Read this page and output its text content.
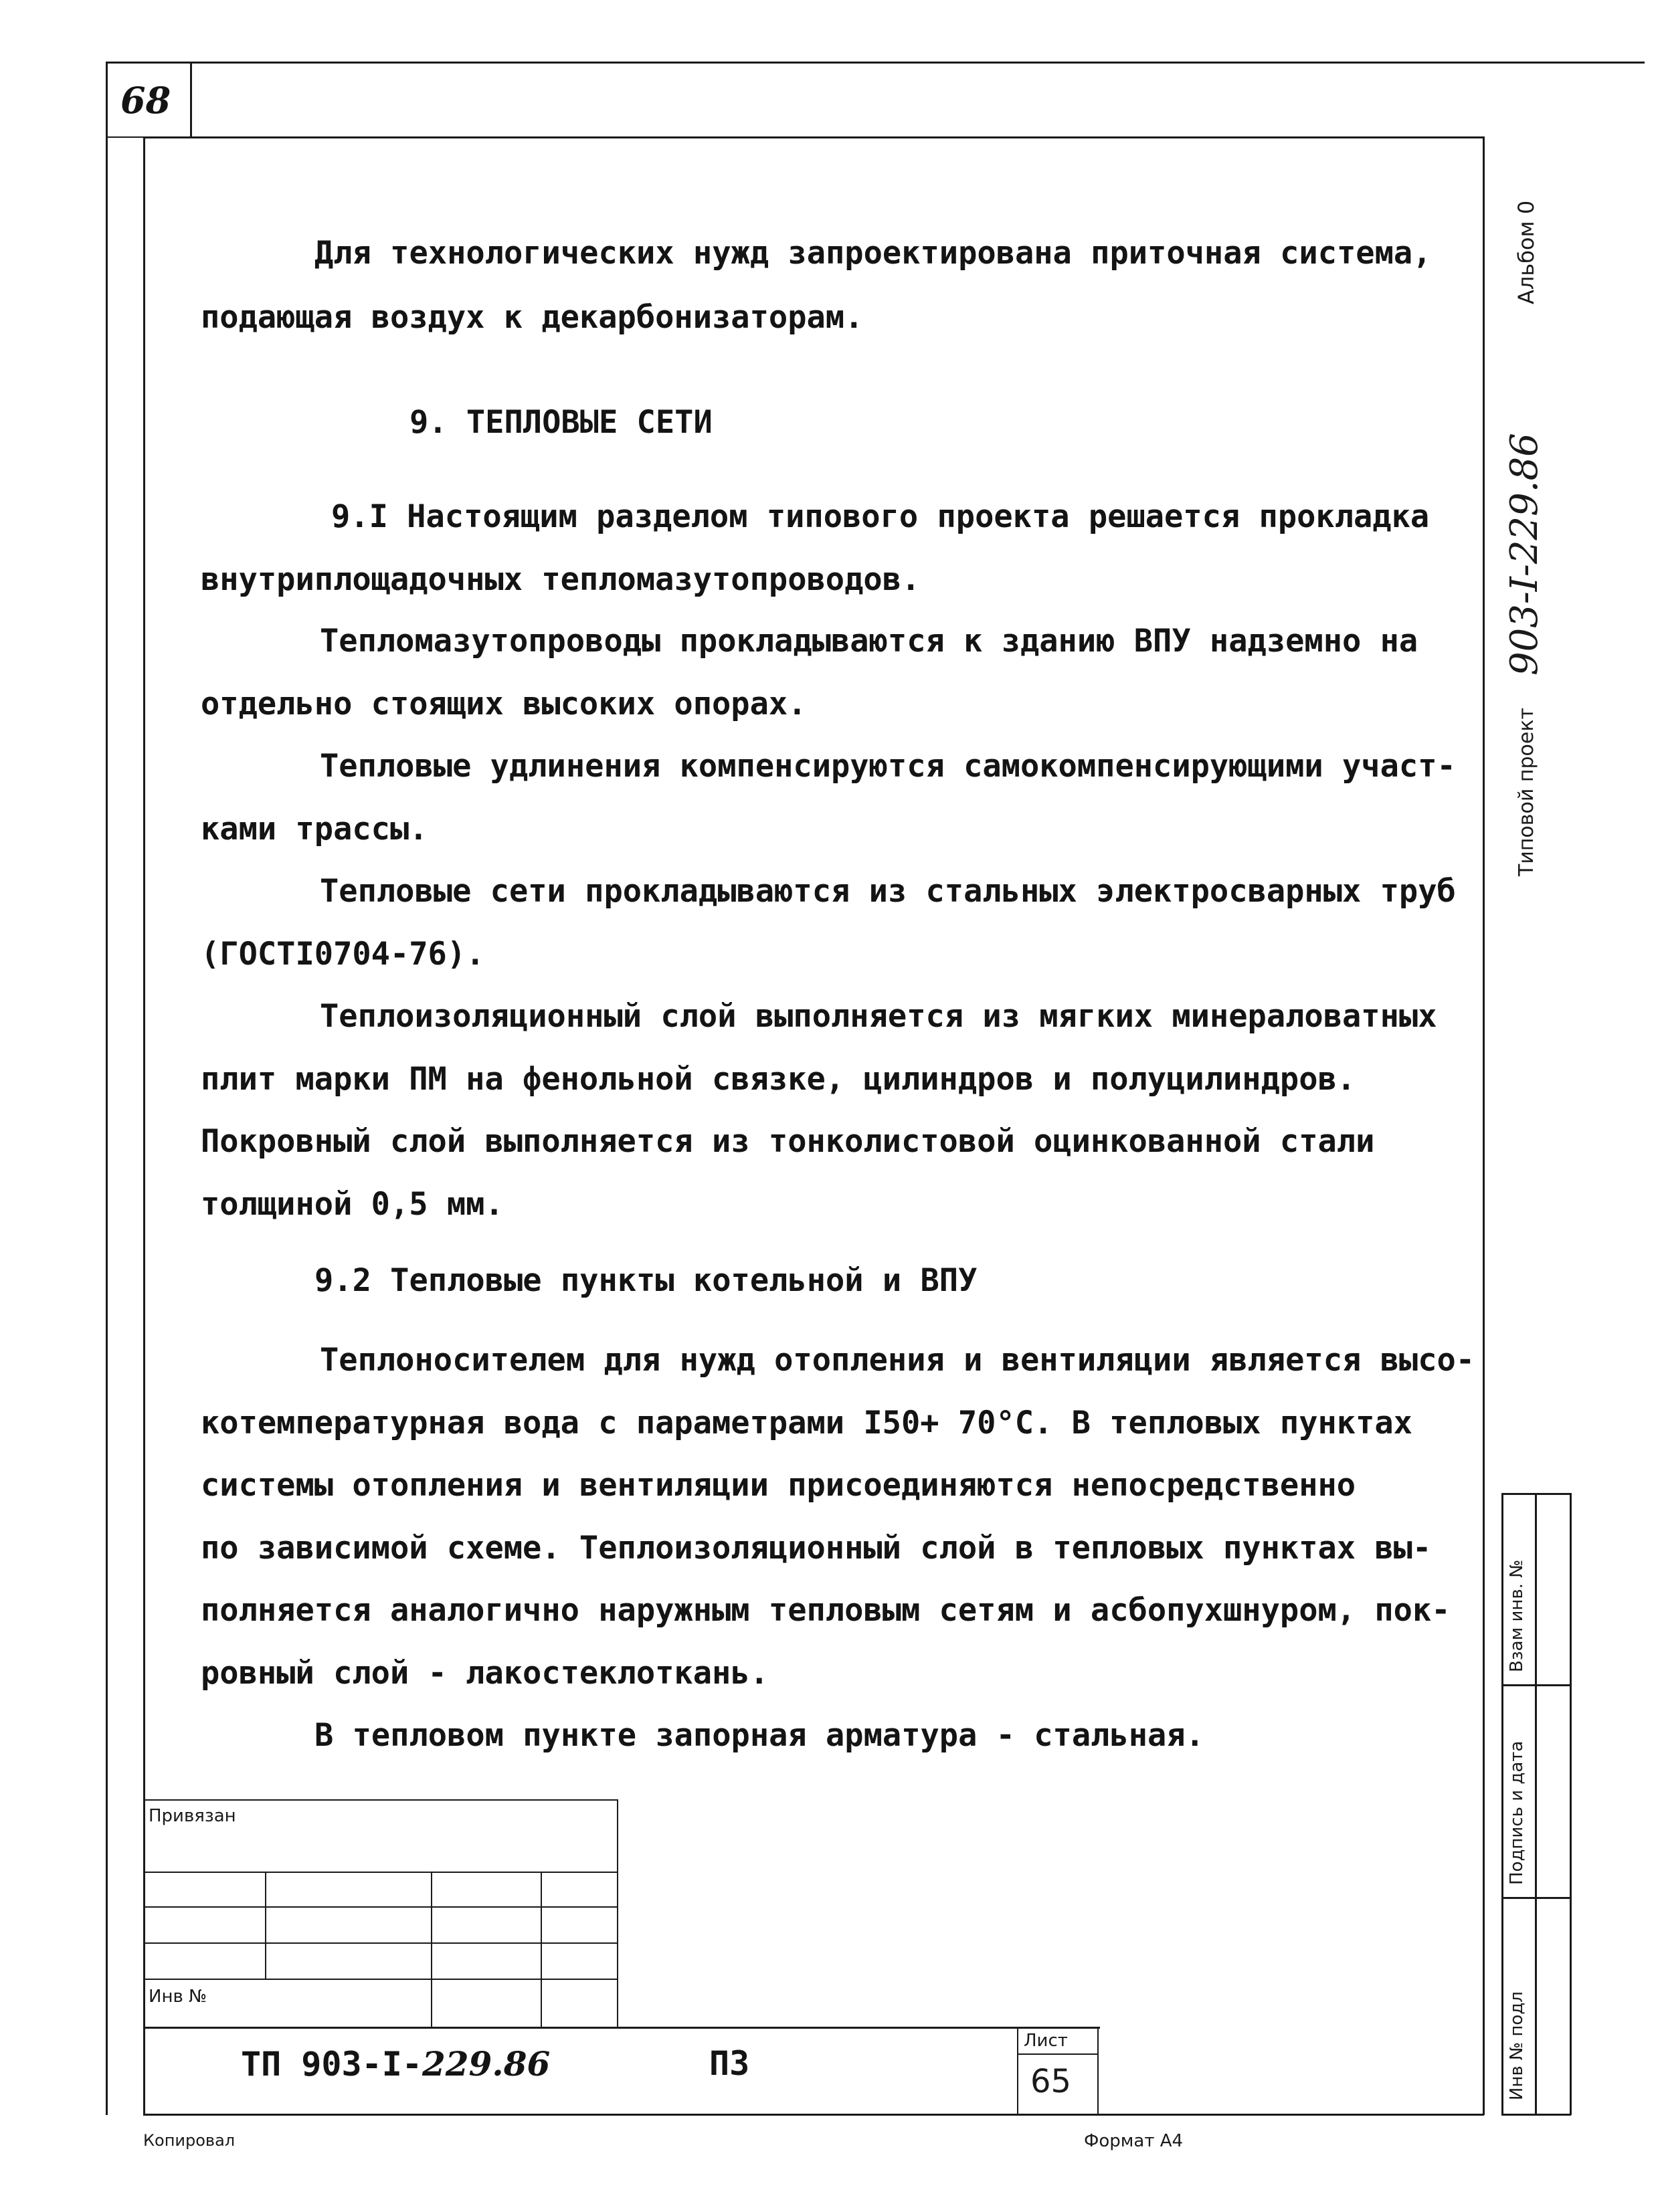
68
Для технологических нужд запроектирована приточная система,
подающая воздух к декарбонизаторам.
9. ТЕПЛОВЫЕ СЕТИ
9.I Настоящим разделом типового проекта решается прокладка
внутриплощадочных тепломазутопроводов.
Тепломазутопроводы прокладываются к зданию ВПУ надземно на
отдельно стоящих высоких опорах.
Тепловые удлинения компенсируются самокомпенсирующими участ-
ками трассы.
Тепловые сети прокладываются из стальных электросварных труб
(ГОСТI0704-76).
Теплоизоляционный слой выполняется из мягких минераловатных
плит марки ПМ на фенольной связке, цилиндров и полуцилиндров.
Покровный слой выполняется из тонколистовой оцинкованной стали
толщиной 0,5 мм.
9.2 Тепловые пункты котельной и ВПУ
Теплоносителем для нужд отопления и вентиляции является высо-
котемпературная вода с параметрами I50+ 70°С. В тепловых пунктах
системы отопления и вентиляции присоединяются непосредственно
по зависимой схеме. Теплоизоляционный слой в тепловых пунктах вы-
полняется аналогично наружным тепловым сетям и асбопухшнуром, пок-
ровный слой - лакостеклоткань.
В тепловом пункте запорная арматура - стальная.
Альбом 0
Типовой проект
903-I-229.86
Взам инв. №
Подпись и дата
Инв № подл
Привязан
Инв №
ТП 903-I-229.86	ПЗ
Лист
65
Копировал	Формат А4
